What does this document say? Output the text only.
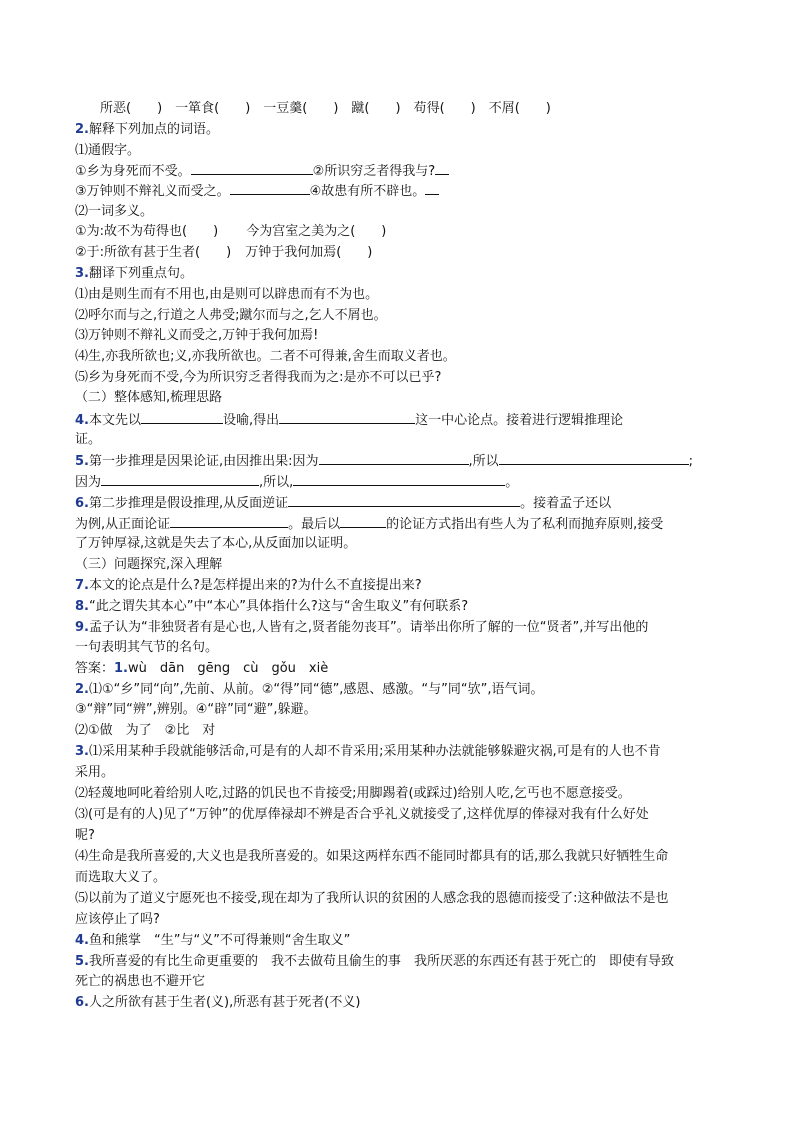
所恶(　　)　一箪食(　　)　一豆羹(　　)　蹴(　　)　苟得(　　)　不屑(　　)
2.解释下列加点的词语。
⑴通假字。
①乡为身死而不受。	②所识穷乏者得我与?
③万钟则不辩礼义而受之。	④故患有所不辟也。
⑵一词多义。
①为:故不为苟得也(　　) 今为宫室之美为之(　　)
②于:所欲有甚于生者(　　) 万钟于我何加焉(　　)
3.翻译下列重点句。
⑴由是则生而有不用也,由是则可以辟患而有不为也。
⑵呼尔而与之,行道之人弗受;蹴尔而与之,乞人不屑也。
⑶万钟则不辩礼义而受之,万钟于我何加焉!
⑷生,亦我所欲也;义,亦我所欲也。二者不可得兼,舍生而取义者也。
⑸乡为身死而不受,今为所识穷乏者得我而为之:是亦不可以已乎?
（二）整体感知,梳理思路
4.本文先以	设喻,得出	这一中心论点。接着进行逻辑推理论
证。
5.第一步推理是因果论证,由因推出果:因为	,所以	;
因为	,所以,	。
6.第二步推理是假设推理,从反面逆证	。接着孟子还以
为例,从正面论证	。最后以	的论证方式指出有些人为了私利而抛弃原则,接受
了万钟厚禄,这就是失去了本心,从反面加以证明。
（三）问题探究,深入理解
7.本文的论点是什么?是怎样提出来的?为什么不直接提出来?
8.“此之谓失其本心”中“本心”具体指什么?这与“舍生取义”有何联系?
9.孟子认为“非独贤者有是心也,人皆有之,贤者能勿丧耳”。请举出你所了解的一位“贤者”,并写出他的
一句表明其气节的名句。
答案：1.wù　dān　gēng　cù　gǒu　xiè
2.⑴①“乡”同“向”,先前、从前。②“得”同“德”,感恩、感激。“与”同“欤”,语气词。
③“辩”同“辨”,辨别。④“辟”同“避”,躲避。
⑵①做　为了　②比　对
3.⑴采用某种手段就能够活命,可是有的人却不肯采用;采用某种办法就能够躲避灾祸,可是有的人也不肯
采用。
⑵轻蔑地呵叱着给别人吃,过路的饥民也不肯接受;用脚踢着(或踩过)给别人吃,乞丐也不愿意接受。
⑶(可是有的人)见了“万钟”的优厚俸禄却不辨是否合乎礼义就接受了,这样优厚的俸禄对我有什么好处
呢?
⑷生命是我所喜爱的,大义也是我所喜爱的。如果这两样东西不能同时都具有的话,那么我就只好牺牲生命
而选取大义了。
⑸以前为了道义宁愿死也不接受,现在却为了我所认识的贫困的人感念我的恩德而接受了:这种做法不是也
应该停止了吗?
4.鱼和熊掌　“生”与“义”不可得兼则“舍生取义”
5.我所喜爱的有比生命更重要的　我不去做苟且偷生的事　我所厌恶的东西还有甚于死亡的　即使有导致
死亡的祸患也不避开它
6.人之所欲有甚于生者(义),所恶有甚于死者(不义)
